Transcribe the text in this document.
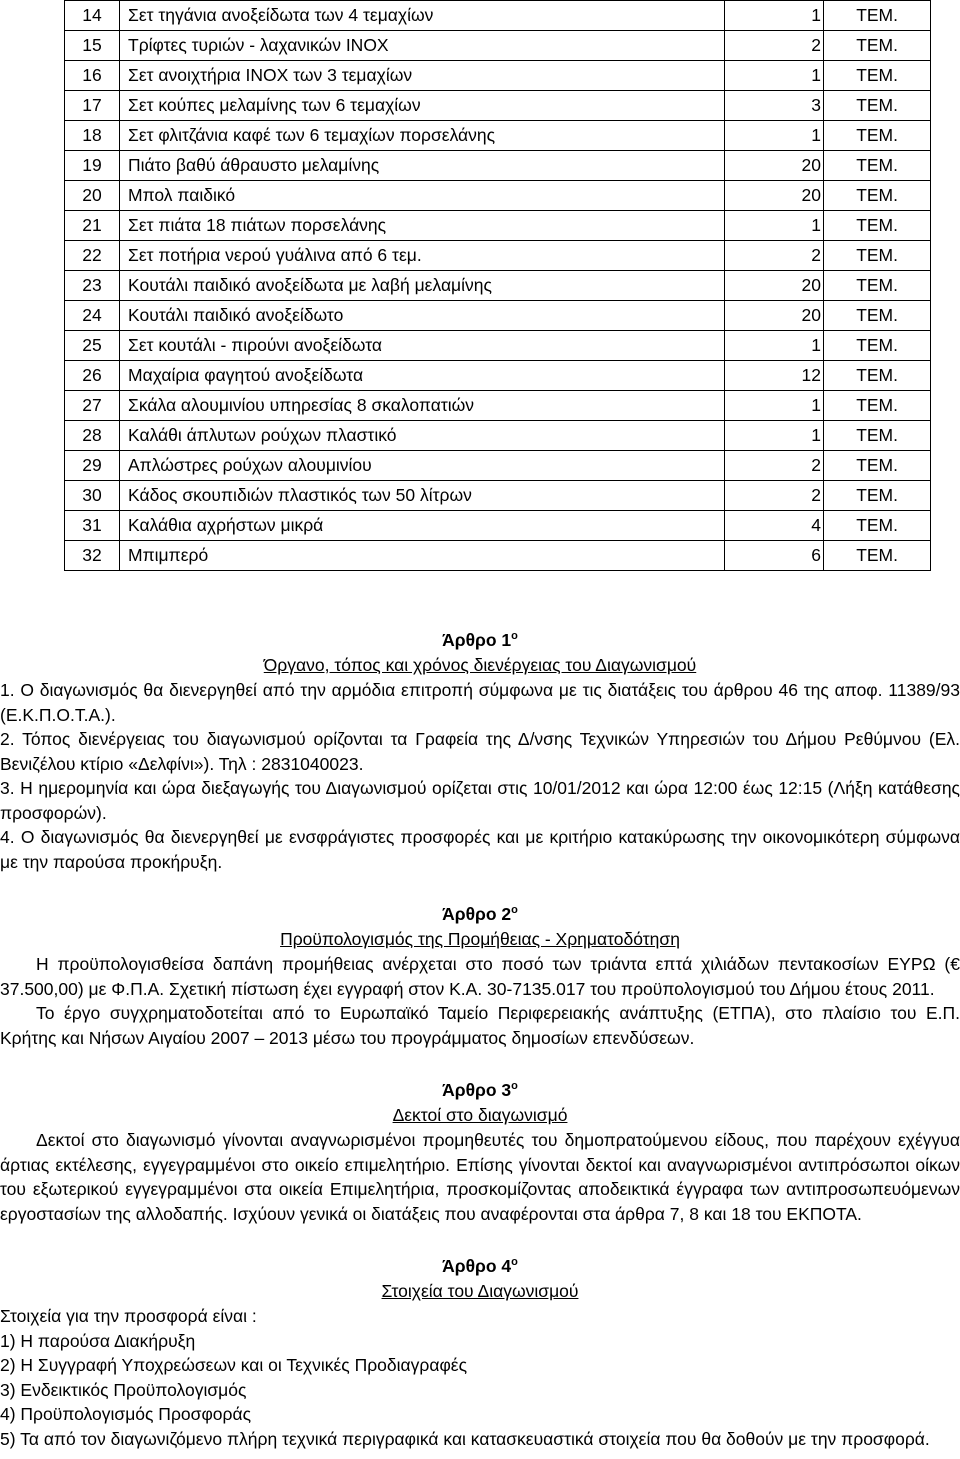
14	Σετ τηγάνια ανοξείδωτα των 4 τεμαχίων	1	ΤΕΜ.
15	Τρίφτες τυριών - λαχανικών INOX	2	ΤΕΜ.
16	Σετ ανοιχτήρια INOX των 3 τεμαχίων	1	ΤΕΜ.
17	Σετ κούπες μελαμίνης των 6 τεμαχίων	3	ΤΕΜ.
18	Σετ φλιτζάνια καφέ των 6 τεμαχίων πορσελάνης	1	ΤΕΜ.
19	Πιάτο βαθύ άθραυστο μελαμίνης	20	ΤΕΜ.
20	Μπολ παιδικό	20	ΤΕΜ.
21	Σετ πιάτα 18 πιάτων πορσελάνης	1	ΤΕΜ.
22	Σετ ποτήρια νερού γυάλινα από 6 τεμ.	2	ΤΕΜ.
23	Κουτάλι παιδικό ανοξείδωτα με λαβή μελαμίνης	20	ΤΕΜ.
24	Κουτάλι παιδικό ανοξείδωτο	20	ΤΕΜ.
25	Σετ κουτάλι - πιρούνι ανοξείδωτα	1	ΤΕΜ.
26	Μαχαίρια φαγητού ανοξείδωτα	12	ΤΕΜ.
27	Σκάλα αλουμινίου υπηρεσίας 8 σκαλοπατιών	1	ΤΕΜ.
28	Καλάθι άπλυτων ρούχων πλαστικό	1	ΤΕΜ.
29	Απλώστρες ρούχων αλουμινίου	2	ΤΕΜ.
30	Κάδος σκουπιδιών πλαστικός των 50 λίτρων	2	ΤΕΜ.
31	Καλάθια αχρήστων μικρά	4	ΤΕΜ.
32	Μπιμπερό	6	ΤΕΜ.

Άρθρο $1^o$

Όργανο, τόπος και χρόνος διενέργειας του Διαγωνισμού

1. Ο διαγωνισμός θα διενεργηθεί από την αρμόδια επιτροπή σύμφωνα με τις διατάξεις του άρθρου 46 της αποφ. 11389/93 (Ε.Κ.Π.Ο.Τ.Α.).

2. Τόπος διενέργειας του διαγωνισμού ορίζονται τα Γραφεία της Δ/νσης Τεχνικών Υπηρεσιών του Δήμου Ρεθύμνου (Ελ. Βενιζέλου κτίριο «Δελφίνι»). Τηλ : 2831040023.

3. Η ημερομηνία και ώρα διεξαγωγής του Διαγωνισμού ορίζεται στις 10/01/2012 και ώρα 12:00 έως 12:15 (Λήξη κατάθεσης προσφορών).

4. Ο διαγωνισμός θα διενεργηθεί με ενσφράγιστες προσφορές και με κριτήριο κατακύρωσης την οικονομικότερη σύμφωνα με την παρούσα προκήρυξη.

Άρθρο $2^o$

Προϋπολογισμός της Προμήθειας - Χρηματοδότηση

Η προϋπολογισθείσα δαπάνη προμήθειας ανέρχεται στο ποσό των τριάντα επτά χιλιάδων πεντακοσίων ΕΥΡΩ (€ 37.500,00) με Φ.Π.Α. Σχετική πίστωση έχει εγγραφή στον Κ.Α. 30-7135.017 του προϋπολογισμού του Δήμου έτους 2011.

Το έργο συγχρηματοδοτείται από το Ευρωπαϊκό Ταμείο Περιφερειακής ανάπτυξης (ΕΤΠΑ), στο πλαίσιο του Ε.Π. Κρήτης και Νήσων Αιγαίου 2007 – 2013 μέσω του προγράμματος δημοσίων επενδύσεων.

Άρθρο $3^o$

Δεκτοί στο διαγωνισμό

Δεκτοί στο διαγωνισμό γίνονται αναγνωρισμένοι προμηθευτές του δημοπρατούμενου είδους, που παρέχουν εχέγγυα άρτιας εκτέλεσης, εγγεγραμμένοι στο οικείο επιμελητήριο. Επίσης γίνονται δεκτοί και αναγνωρισμένοι αντιπρόσωποι οίκων του εξωτερικού εγγεγραμμένοι στα οικεία Επιμελητήρια, προσκομίζοντας αποδεικτικά έγγραφα των αντιπροσωπευόμενων εργοστασίων της αλλοδαπής. Ισχύουν γενικά οι διατάξεις που αναφέρονται στα άρθρα 7, 8 και 18 του ΕΚΠΟΤΑ.

Άρθρο $4^o$

Στοιχεία του Διαγωνισμού

Στοιχεία για την προσφορά είναι :

1) Η παρούσα Διακήρυξη

2) Η Συγγραφή Υποχρεώσεων και οι Τεχνικές Προδιαγραφές

3) Ενδεικτικός Προϋπολογισμός

4) Προϋπολογισμός Προσφοράς

5) Τα από τον διαγωνιζόμενο πλήρη τεχνικά περιγραφικά και κατασκευαστικά στοιχεία που θα δοθούν με την προσφορά.
